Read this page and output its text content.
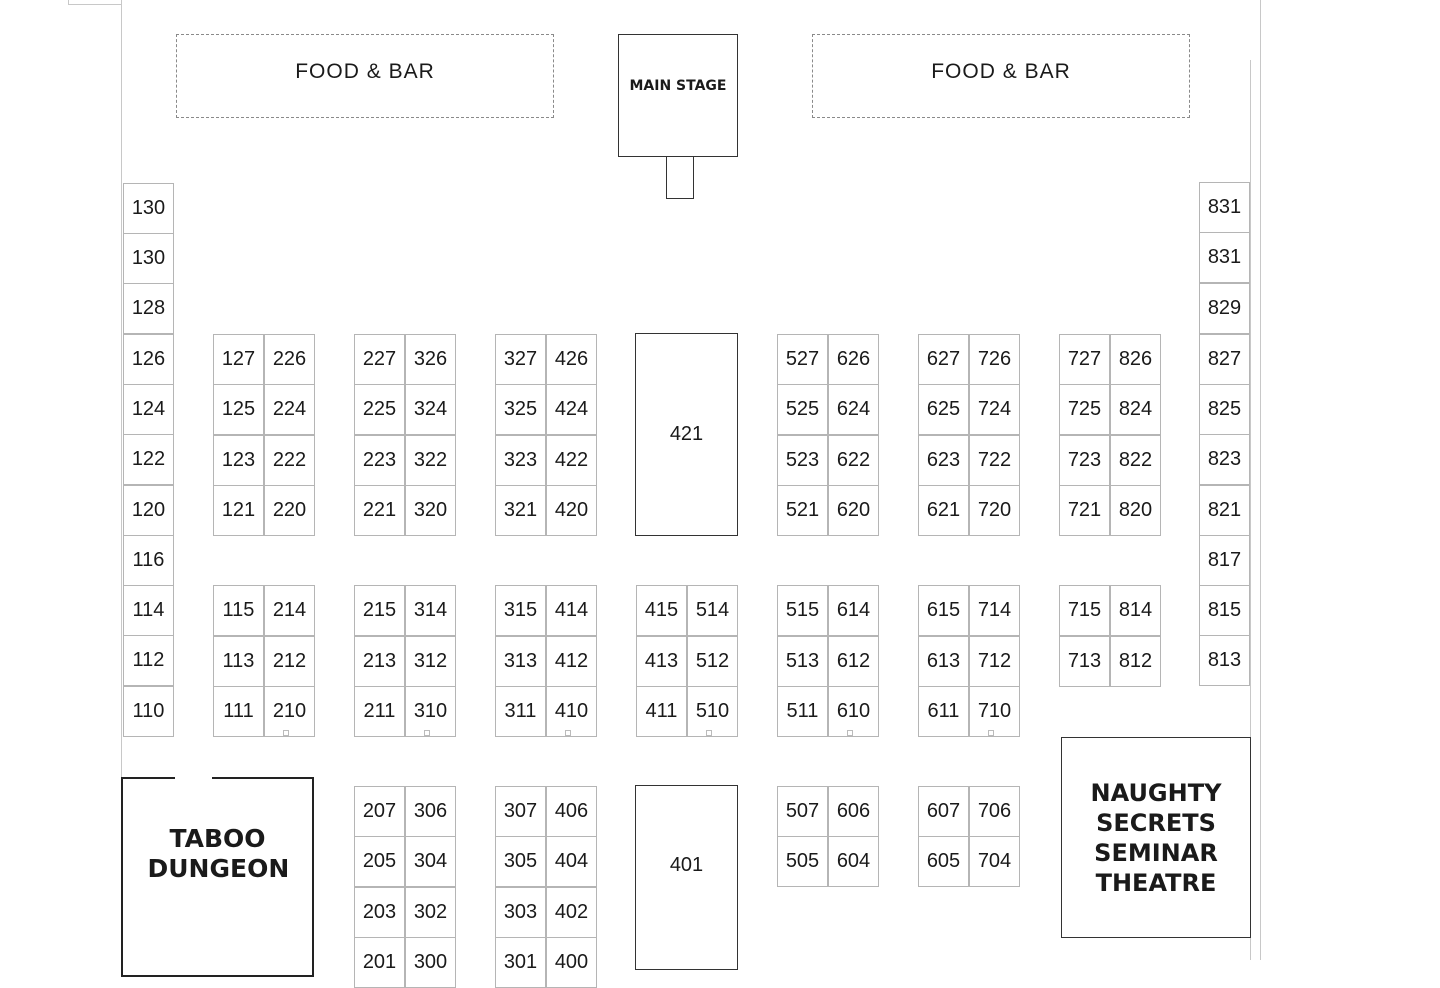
FOOD & BAR	FOOD & BAR
MAIN STAGE
421
401
TABOO DUNGEON
NAUGHTY SECRETS SEMINAR THEATRE
130
130
128
126
124
122
120
116
114
112
110
831
831
829
827
825
823
821
817
815
813
127 226
125 224
123 222
121 220
227 326
225 324
223 322
221 320
327 426
325 424
323 422
321 420
527 626
525 624
523 622
521 620
627 726
625 724
623 722
621 720
727 826
725 824
723 822
721 820
115 214
113 212
111 210
215 314
213 312
211 310
315 414
313 412
311 410
415 514
413 512
411 510
515 614
513 612
511 610
615 714
613 712
611 710
715 814
713 812
207 306
205 304
203 302
201 300
307 406
305 404
303 402
301 400
507 606
505 604
607 706
605 704
